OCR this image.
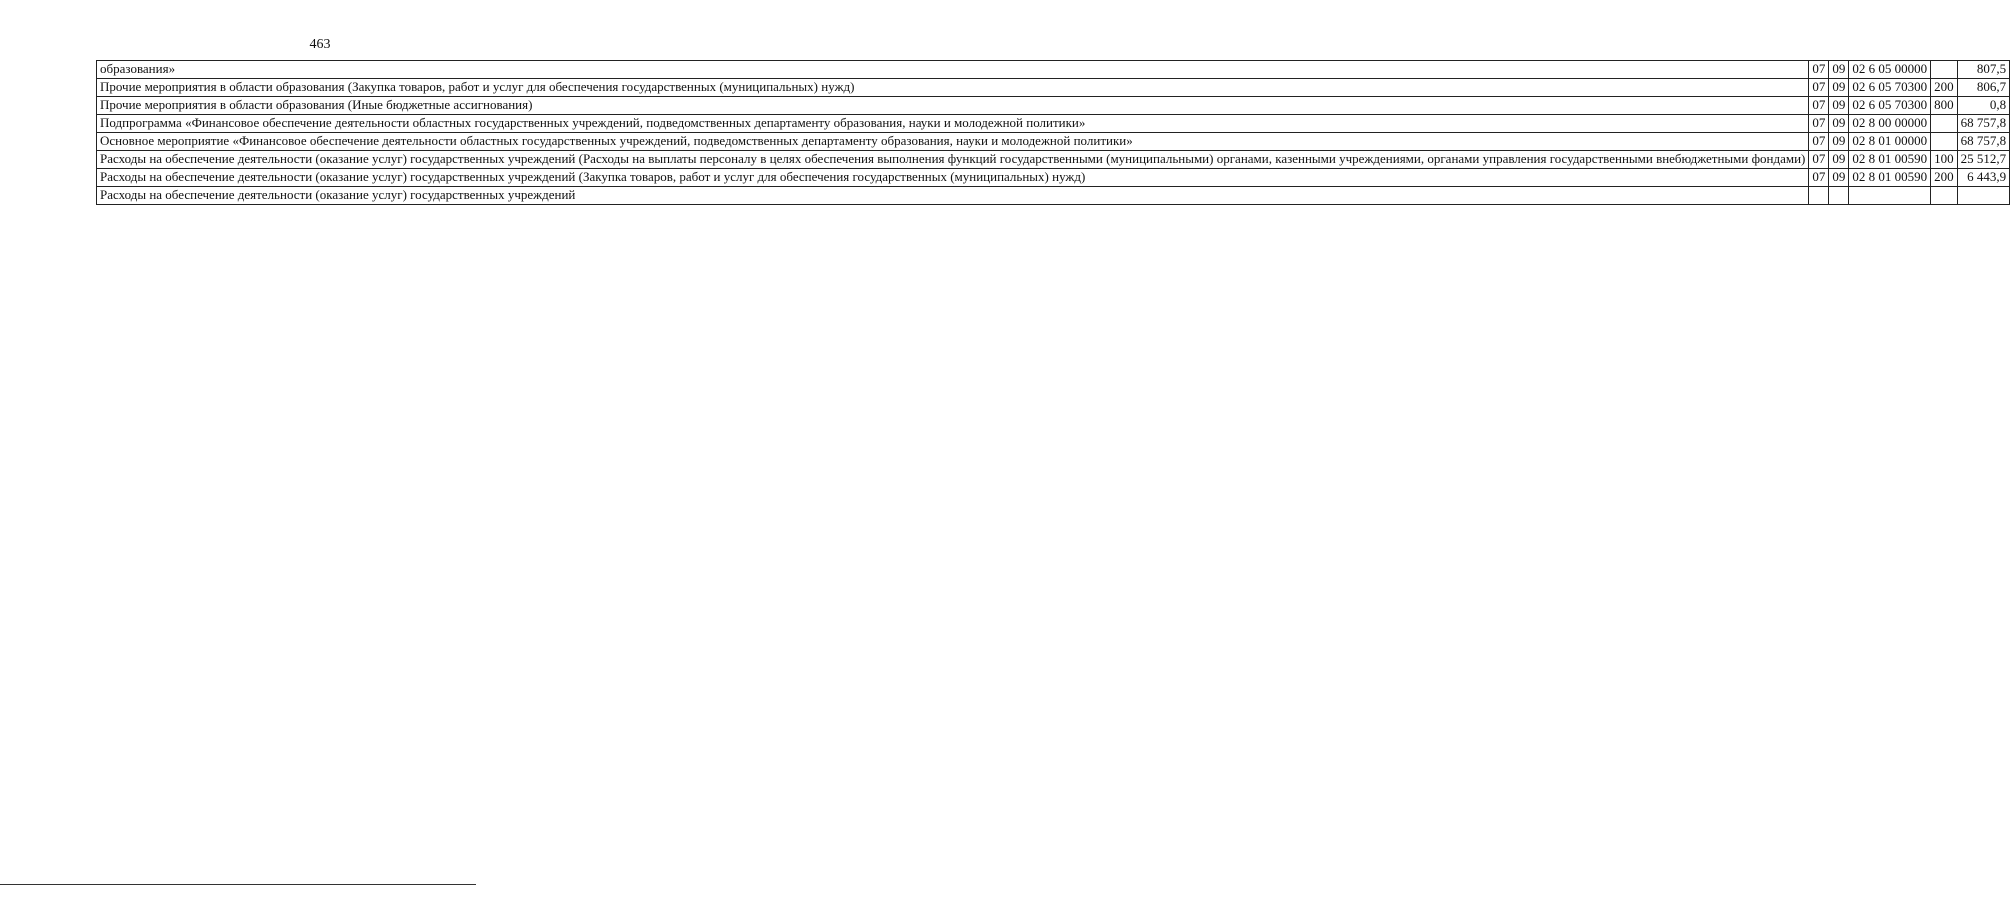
463
образования»	07	09	02 6 05 00000		807,5
Прочие мероприятия в области образования (Закупка товаров, работ и услуг для обеспечения государственных (муниципальных) нужд)	07	09	02 6 05 70300	200	806,7
Прочие мероприятия в области образования (Иные бюджетные ассигнования)	07	09	02 6 05 70300	800	0,8
Подпрограмма «Финансовое обеспечение деятельности областных государственных учреждений, подведомственных департаменту образования, науки и молодежной политики»	07	09	02 8 00 00000		68 757,8
Основное мероприятие «Финансовое обеспечение деятельности областных государственных учреждений, подведомственных департаменту образования, науки и молодежной политики»	07	09	02 8 01 00000		68 757,8
Расходы на обеспечение деятельности (оказание услуг) государственных учреждений (Расходы на выплаты персоналу в целях обеспечения выполнения функций государственными (муниципальными) органами, казенными учреждениями, органами управления государственными внебюджетными фондами)	07	09	02 8 01 00590	100	25 512,7
Расходы на обеспечение деятельности (оказание услуг) государственных учреждений (Закупка товаров, работ и услуг для обеспечения государственных (муниципальных) нужд)	07	09	02 8 01 00590	200	6 443,9
Расходы на обеспечение деятельности (оказание услуг) государственных учреждений					
